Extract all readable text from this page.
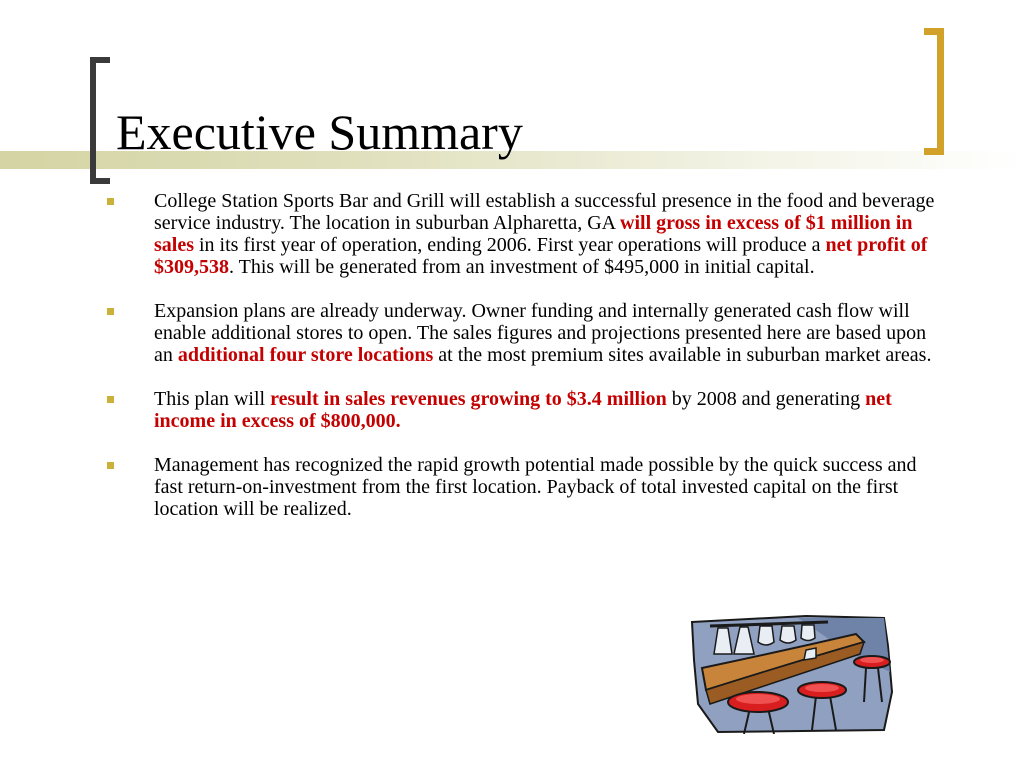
Executive Summary
College Station Sports Bar and Grill will establish a successful presence in the food and beverage service industry. The location in suburban Alpharetta, GA will gross in excess of $1 million in sales in its first year of operation, ending 2006. First year operations will produce a net profit of $309,538. This will be generated from an investment of $495,000 in initial capital.
Expansion plans are already underway. Owner funding and internally generated cash flow will enable additional stores to open. The sales figures and projections presented here are based upon an additional four store locations at the most premium sites available in suburban market areas.
This plan will result in sales revenues growing to $3.4 million by 2008 and generating net income in excess of $800,000.
Management has recognized the rapid growth potential made possible by the quick success and fast return-on-investment from the first location. Payback of total invested capital on the first location will be realized.
